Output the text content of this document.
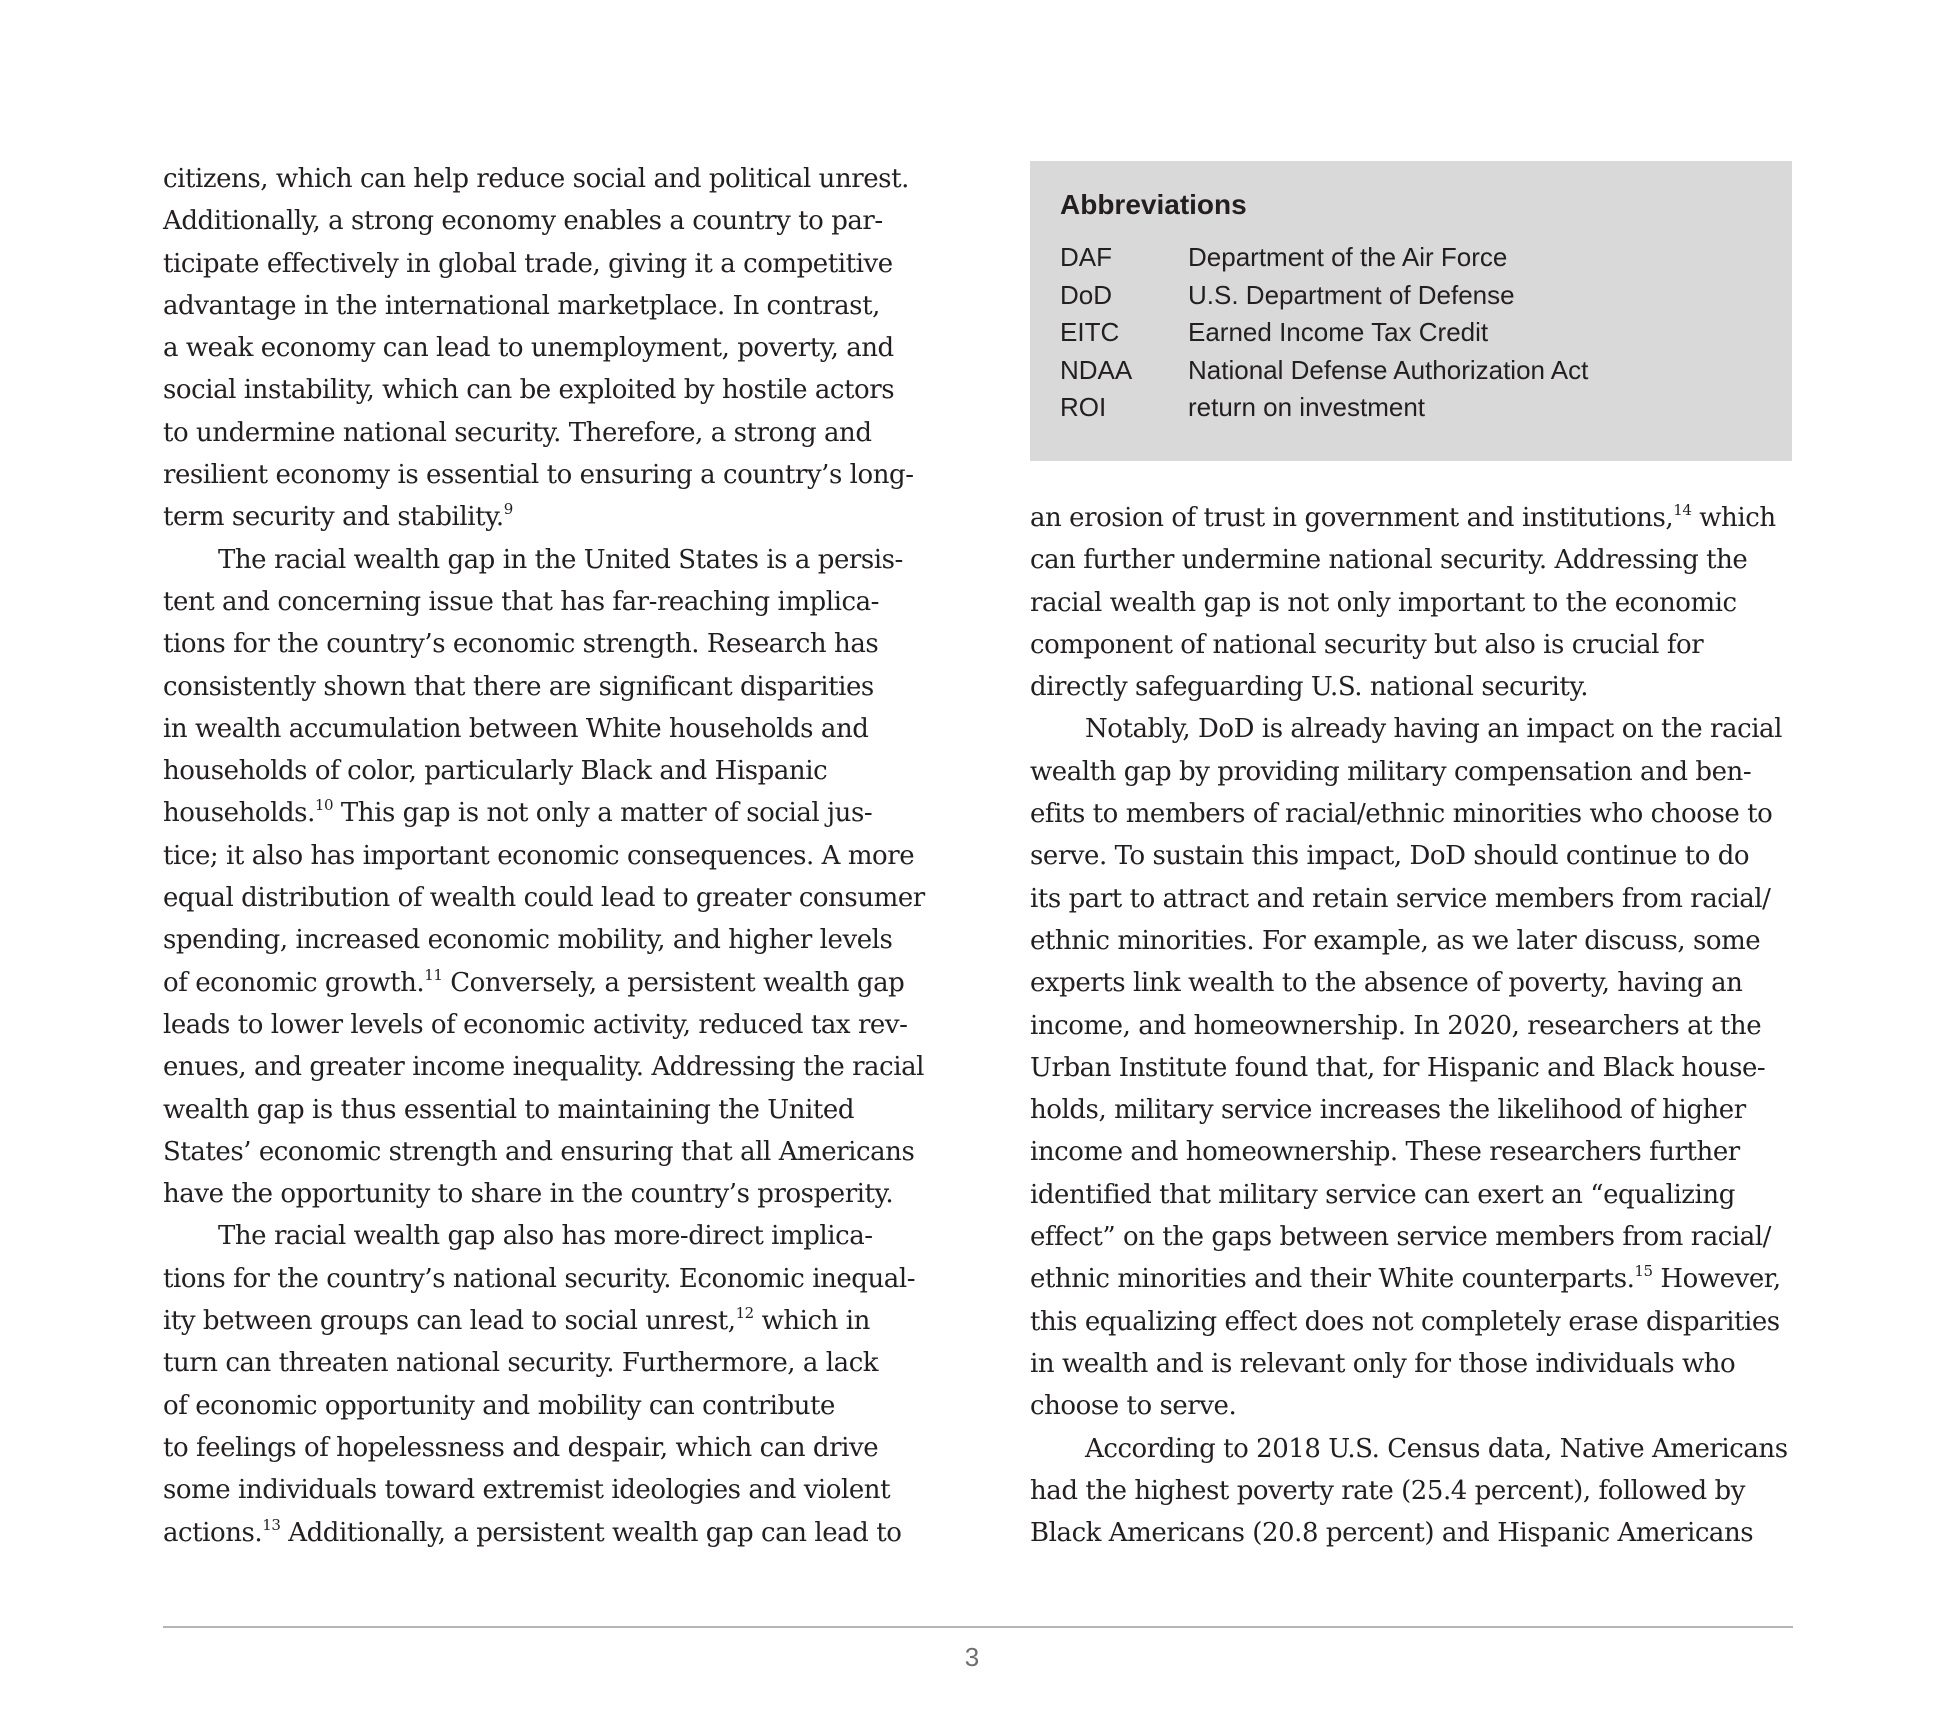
citizens, which can help reduce social and political unrest.
Additionally, a strong economy enables a country to par-
ticipate effectively in global trade, giving it a competitive
advantage in the international marketplace. In contrast,
a weak economy can lead to unemployment, poverty, and
social instability, which can be exploited by hostile actors
to undermine national security. Therefore, a strong and
resilient economy is essential to ensuring a country’s long-
term security and stability.$^9$
The racial wealth gap in the United States is a persis-
tent and concerning issue that has far-reaching implica-
tions for the country’s economic strength. Research has
consistently shown that there are significant disparities
in wealth accumulation between White households and
households of color, particularly Black and Hispanic
households.$^{10}$ This gap is not only a matter of social jus-
tice; it also has important economic consequences. A more
equal distribution of wealth could lead to greater consumer
spending, increased economic mobility, and higher levels
of economic growth.$^{11}$ Conversely, a persistent wealth gap
leads to lower levels of economic activity, reduced tax rev-
enues, and greater income inequality. Addressing the racial
wealth gap is thus essential to maintaining the United
States’ economic strength and ensuring that all Americans
have the opportunity to share in the country’s prosperity.
The racial wealth gap also has more-direct implica-
tions for the country’s national security. Economic inequal-
ity between groups can lead to social unrest,$^{12}$ which in
turn can threaten national security. Furthermore, a lack
of economic opportunity and mobility can contribute
to feelings of hopelessness and despair, which can drive
some individuals toward extremist ideologies and violent
actions.$^{13}$ Additionally, a persistent wealth gap can lead to
Abbreviations
DAF	Department of the Air Force
DoD	U.S. Department of Defense
EITC	Earned Income Tax Credit
NDAA	National Defense Authorization Act
ROI	return on investment
an erosion of trust in government and institutions,$^{14}$ which
can further undermine national security. Addressing the
racial wealth gap is not only important to the economic
component of national security but also is crucial for
directly safeguarding U.S. national security.
Notably, DoD is already having an impact on the racial
wealth gap by providing military compensation and ben-
efits to members of racial/ethnic minorities who choose to
serve. To sustain this impact, DoD should continue to do
its part to attract and retain service members from racial/
ethnic minorities. For example, as we later discuss, some
experts link wealth to the absence of poverty, having an
income, and homeownership. In 2020, researchers at the
Urban Institute found that, for Hispanic and Black house-
holds, military service increases the likelihood of higher
income and homeownership. These researchers further
identified that military service can exert an “equalizing
effect” on the gaps between service members from racial/
ethnic minorities and their White counterparts.$^{15}$ However,
this equalizing effect does not completely erase disparities
in wealth and is relevant only for those individuals who
choose to serve.
According to 2018 U.S. Census data, Native Americans
had the highest poverty rate (25.4 percent), followed by
Black Americans (20.8 percent) and Hispanic Americans
3
